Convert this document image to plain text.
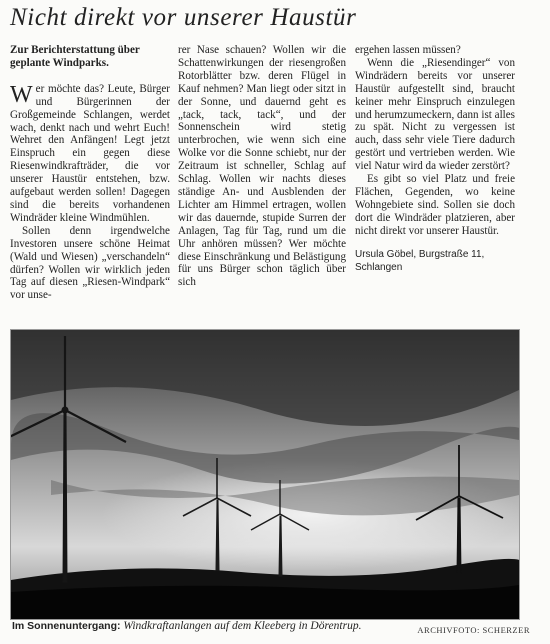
Nicht direkt vor unserer Haustür

Zur Berichterstattung über geplante Windparks.

Wer möchte das? Leute, Bürger und Bürgerinnen der Großgemeinde Schlangen, werdet wach, denkt nach und wehrt Euch! Wehret den Anfängen! Legt jetzt Einspruch ein gegen diese Riesenwindkrafträder, die vor unserer Haustür entstehen, bzw. aufgebaut werden sollen! Dagegen sind die bereits vorhandenen Windräder kleine Windmühlen.

Sollen denn irgendwelche Investoren unsere schöne Heimat (Wald und Wiesen) „verschandeln“ dürfen? Wollen wir wirklich jeden Tag auf diesen „Riesen-Windpark“ vor unse-

rer Nase schauen? Wollen wir die Schattenwirkungen der riesengroßen Rotorblätter bzw. deren Flügel in Kauf nehmen? Man liegt oder sitzt in der Sonne, und dauernd geht es „tack, tack, tack“, und der Sonnenschein wird stetig unterbrochen, wie wenn sich eine Wolke vor die Sonne schiebt, nur der Zeitraum ist schneller, Schlag auf Schlag. Wollen wir nachts dieses ständige An- und Ausblenden der Lichter am Himmel ertragen, wollen wir das dauernde, stupide Surren der Anlagen, Tag für Tag, rund um die Uhr anhören müssen? Wer möchte diese Einschränkung und Belästigung für uns Bürger schon täglich über sich

ergehen lassen müssen?

Wenn die „Riesendinger“ von Windrädern bereits vor unserer Haustür aufgestellt sind, braucht keiner mehr Einspruch einzulegen und herumzumeckern, dann ist alles zu spät. Nicht zu vergessen ist auch, dass sehr viele Tiere dadurch gestört und vertrieben werden. Wie viel Natur wird da wieder zerstört?

Es gibt so viel Platz und freie Flächen, Gegenden, wo keine Wohngebiete sind. Sollen sie doch dort die Windräder platzieren, aber nicht direkt vor unserer Haustür.

Ursula Göbel, Burgstraße 11, Schlangen

Im Sonnenuntergang: Windkraftanlangen auf dem Kleeberg in Dörentrup.	ARCHIVFOTO: SCHERZER
